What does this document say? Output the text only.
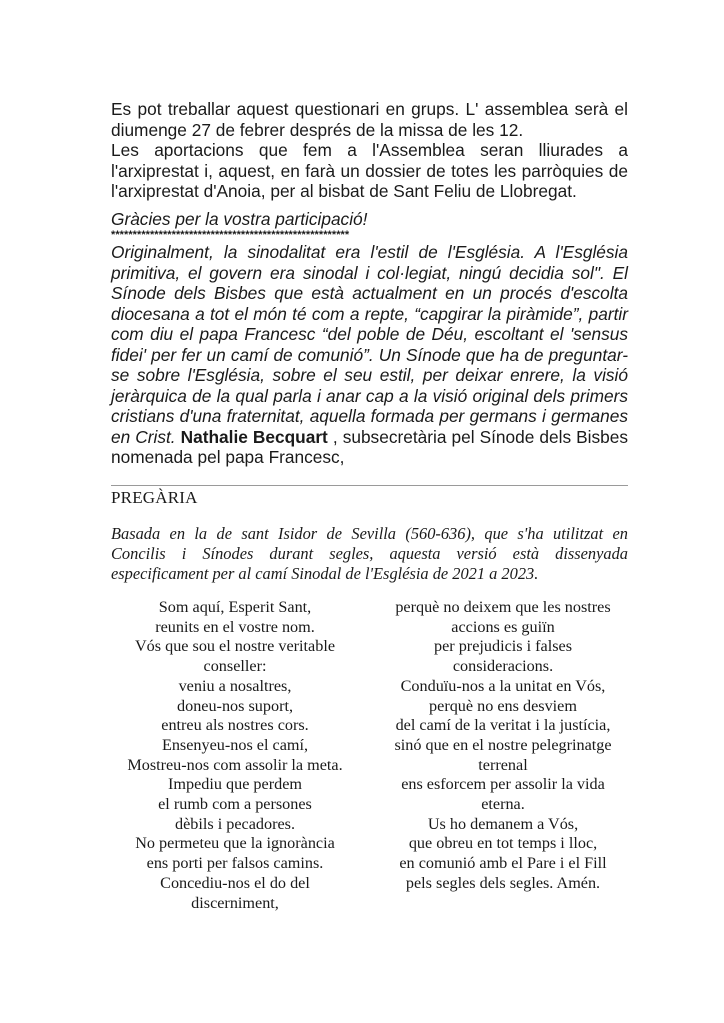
Es pot treballar aquest questionari en grups. L' assemblea serà el
diumenge 27 de febrer després de la missa de les 12.
Les aportacions que fem a l'Assemblea seran lliurades a
l'arxiprestat i, aquest, en farà un dossier de totes les parròquies de
l'arxiprestat d'Anoia, per al bisbat de Sant Feliu de Llobregat.
Gràcies per la vostra participació!
*******************************************************
Originalment, la sinodalitat era l'estil de l'Església. A l'Església
primitiva, el govern era sinodal i col·legiat, ningú decidia sol". El
Sínode dels Bisbes que està actualment en un procés d'escolta
diocesana a tot el món té com a repte, “capgirar la piràmide”, partir
com diu el papa Francesc “del poble de Déu, escoltant el 'sensus
fidei' per fer un camí de comunió”. Un Sínode que ha de preguntar-
se sobre l'Església, sobre el seu estil, per deixar enrere, la visió
jeràrquica de la qual parla i anar cap a la visió original dels primers
cristians d'una fraternitat, aquella formada per germans i germanes
en Crist. Nathalie Becquart , subsecretària pel Sínode dels Bisbes
nomenada pel papa Francesc,
PREGÀRIA
Basada en la de sant Isidor de Sevilla (560-636), que s'ha utilitzat en
Concilis i Sínodes durant segles, aquesta versió està dissenyada
especificament per al camí Sinodal de l'Església de 2021 a 2023.
Som aquí, Esperit Sant,
reunits en el vostre nom.
Vós que sou el nostre veritable
conseller:
veniu a nosaltres,
doneu-nos suport,
entreu als nostres cors.
Ensenyeu-nos el camí,
Mostreu-nos com assolir la meta.
Impediu que perdem
el rumb com a persones
dèbils i pecadores.
No permeteu que la ignorància
ens porti per falsos camins.
Concediu-nos el do del
discerniment,
perquè no deixem que les nostres
accions es guiïn
per prejudicis i falses
consideracions.
Conduïu-nos a la unitat en Vós,
perquè no ens desviem
del camí de la veritat i la justícia,
sinó que en el nostre pelegrinatge
terrenal
ens esforcem per assolir la vida
eterna.
Us ho demanem a Vós,
que obreu en tot temps i lloc,
en comunió amb el Pare i el Fill
pels segles dels segles. Amén.
